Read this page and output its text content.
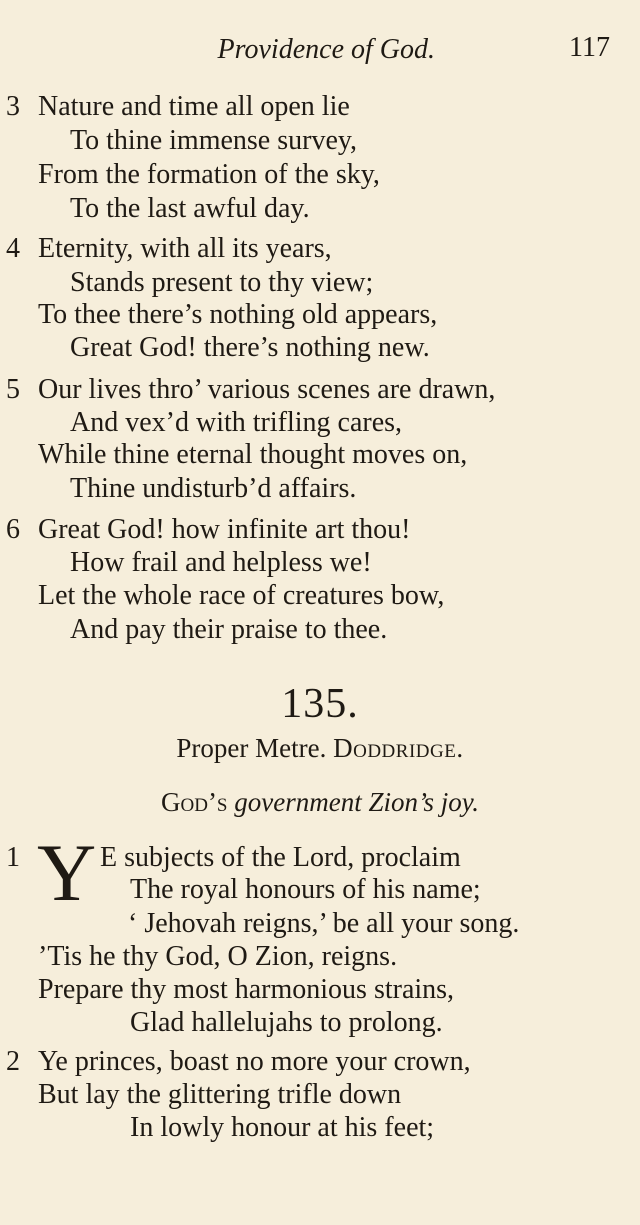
Providence of God.	117
3 Nature and time all open lie
To thine immense survey,
From the formation of the sky,
To the last awful day.
4 Eternity, with all its years,
Stands present to thy view;
To thee there’s nothing old appears,
Great God! there’s nothing new.
5 Our lives thro’ various scenes are drawn,
And vex’d with trifling cares,
While thine eternal thought moves on,
Thine undisturb’d affairs.
6 Great God! how infinite art thou!
How frail and helpless we!
Let the whole race of creatures bow,
And pay their praise to thee.
135.
Proper Metre. Doddridge.
God’s government Zion’s joy.
1 Y E subjects of the Lord, proclaim
The royal honours of his name;
‘ Jehovah reigns,’ be all your song.
’Tis he thy God, O Zion, reigns.
Prepare thy most harmonious strains,
Glad hallelujahs to prolong.
2 Ye princes, boast no more your crown,
But lay the glittering trifle down
In lowly honour at his feet;
